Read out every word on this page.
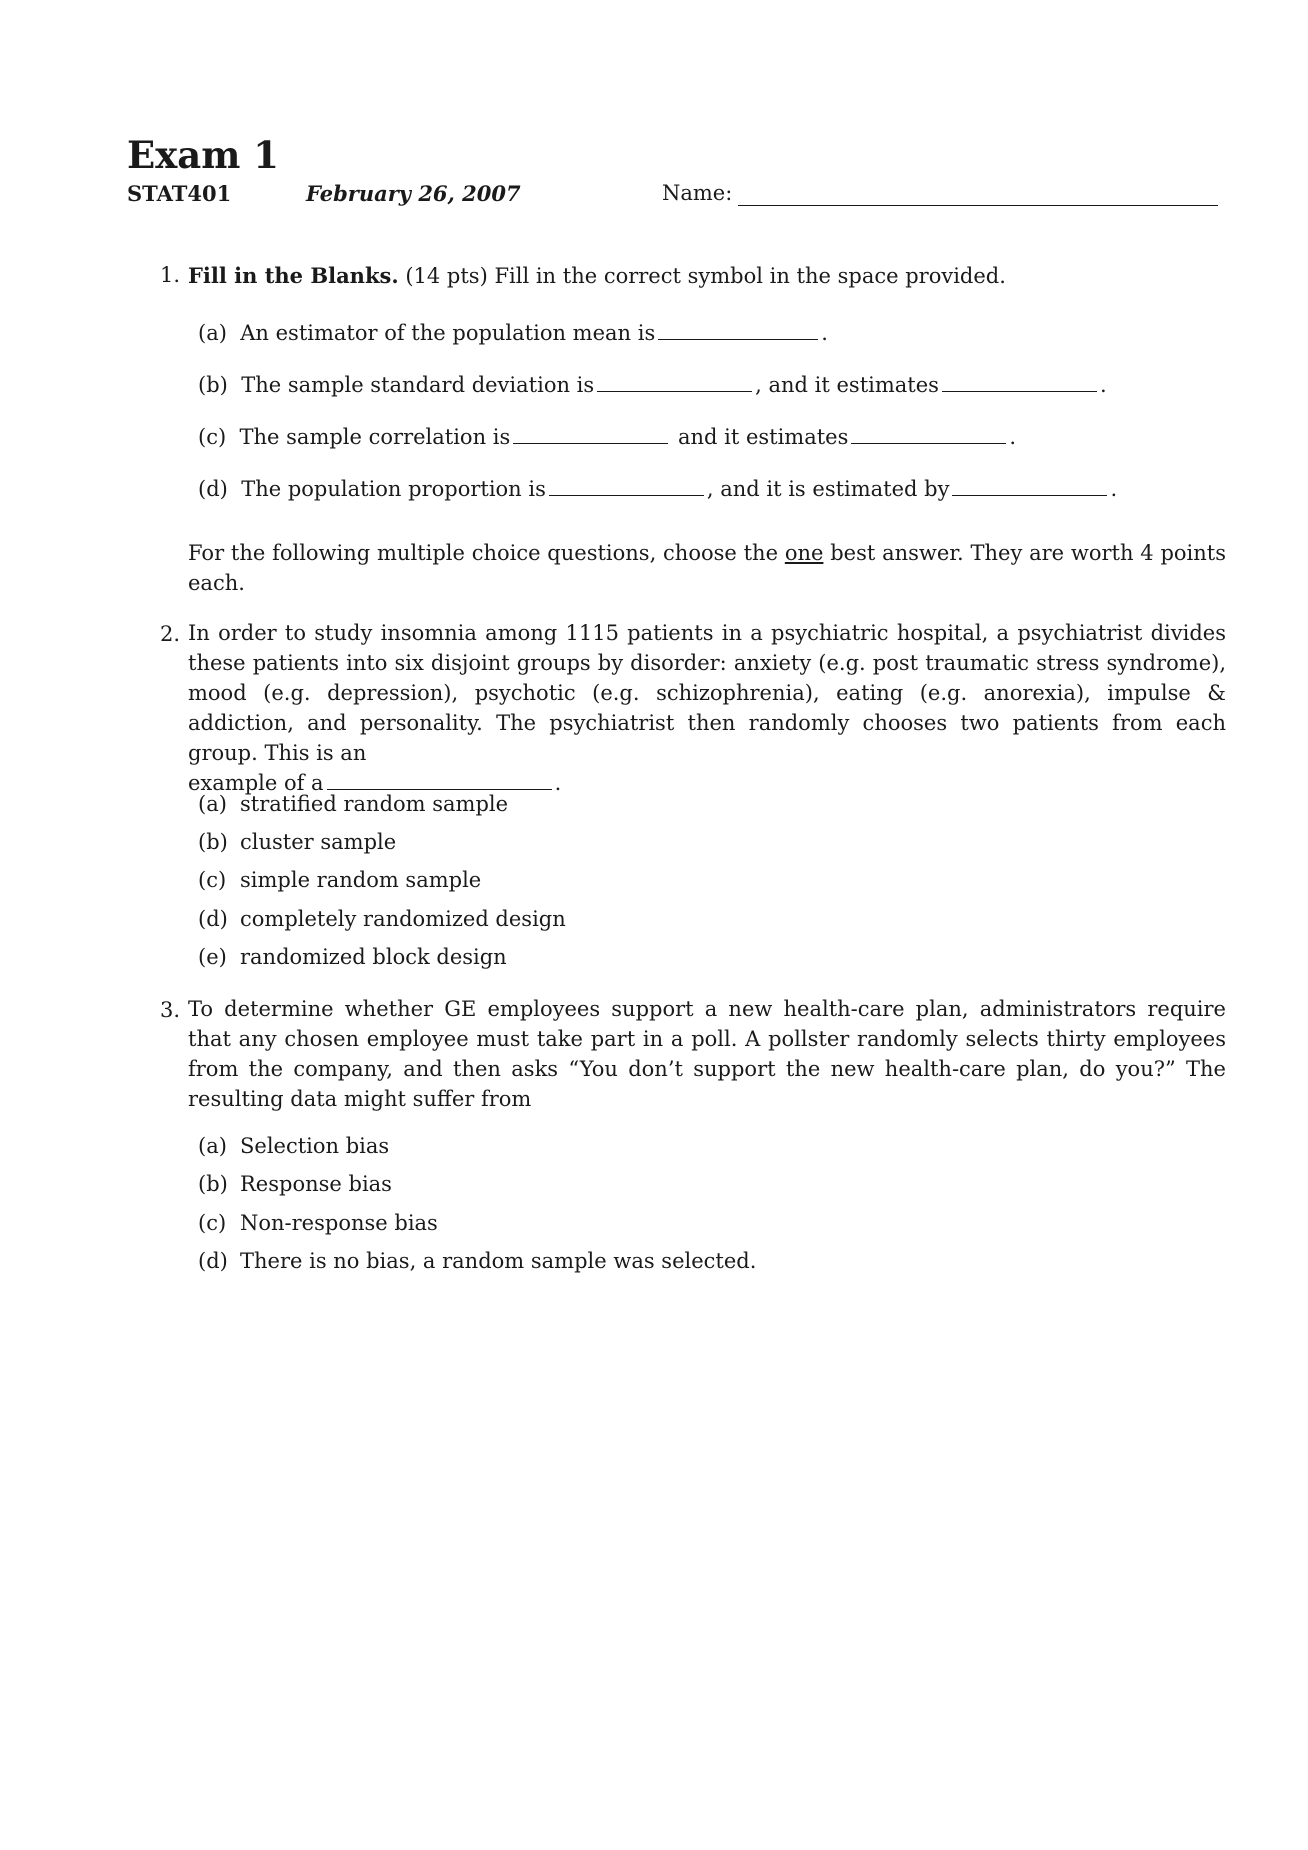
Exam 1
STAT401	February 26, 2007	Name:
1. Fill in the Blanks. (14 pts) Fill in the correct symbol in the space provided.
(a) An estimator of the population mean is	.
(b) The sample standard deviation is	, and it estimates	.
(c) The sample correlation is	and it estimates	.
(d) The population proportion is	, and it is estimated by	.
For the following multiple choice questions, choose the one best answer. They are worth 4 points each.
2. In order to study insomnia among 1115 patients in a psychiatric hospital, a psychiatrist divides these patients into six disjoint groups by disorder: anxiety (e.g. post traumatic stress syndrome), mood (e.g. depression), psychotic (e.g. schizophrenia), eating (e.g. anorexia), impulse & addiction, and personality. The psychiatrist then randomly chooses two patients from each group. This is an
example of a	.
(a) stratified random sample
(b) cluster sample
(c) simple random sample
(d) completely randomized design
(e) randomized block design
3. To determine whether GE employees support a new health-care plan, administrators require that any chosen employee must take part in a poll. A pollster randomly selects thirty employees from the company, and then asks “You don’t support the new health-care plan, do you?” The resulting data might suffer from
(a) Selection bias
(b) Response bias
(c) Non-response bias
(d) There is no bias, a random sample was selected.
